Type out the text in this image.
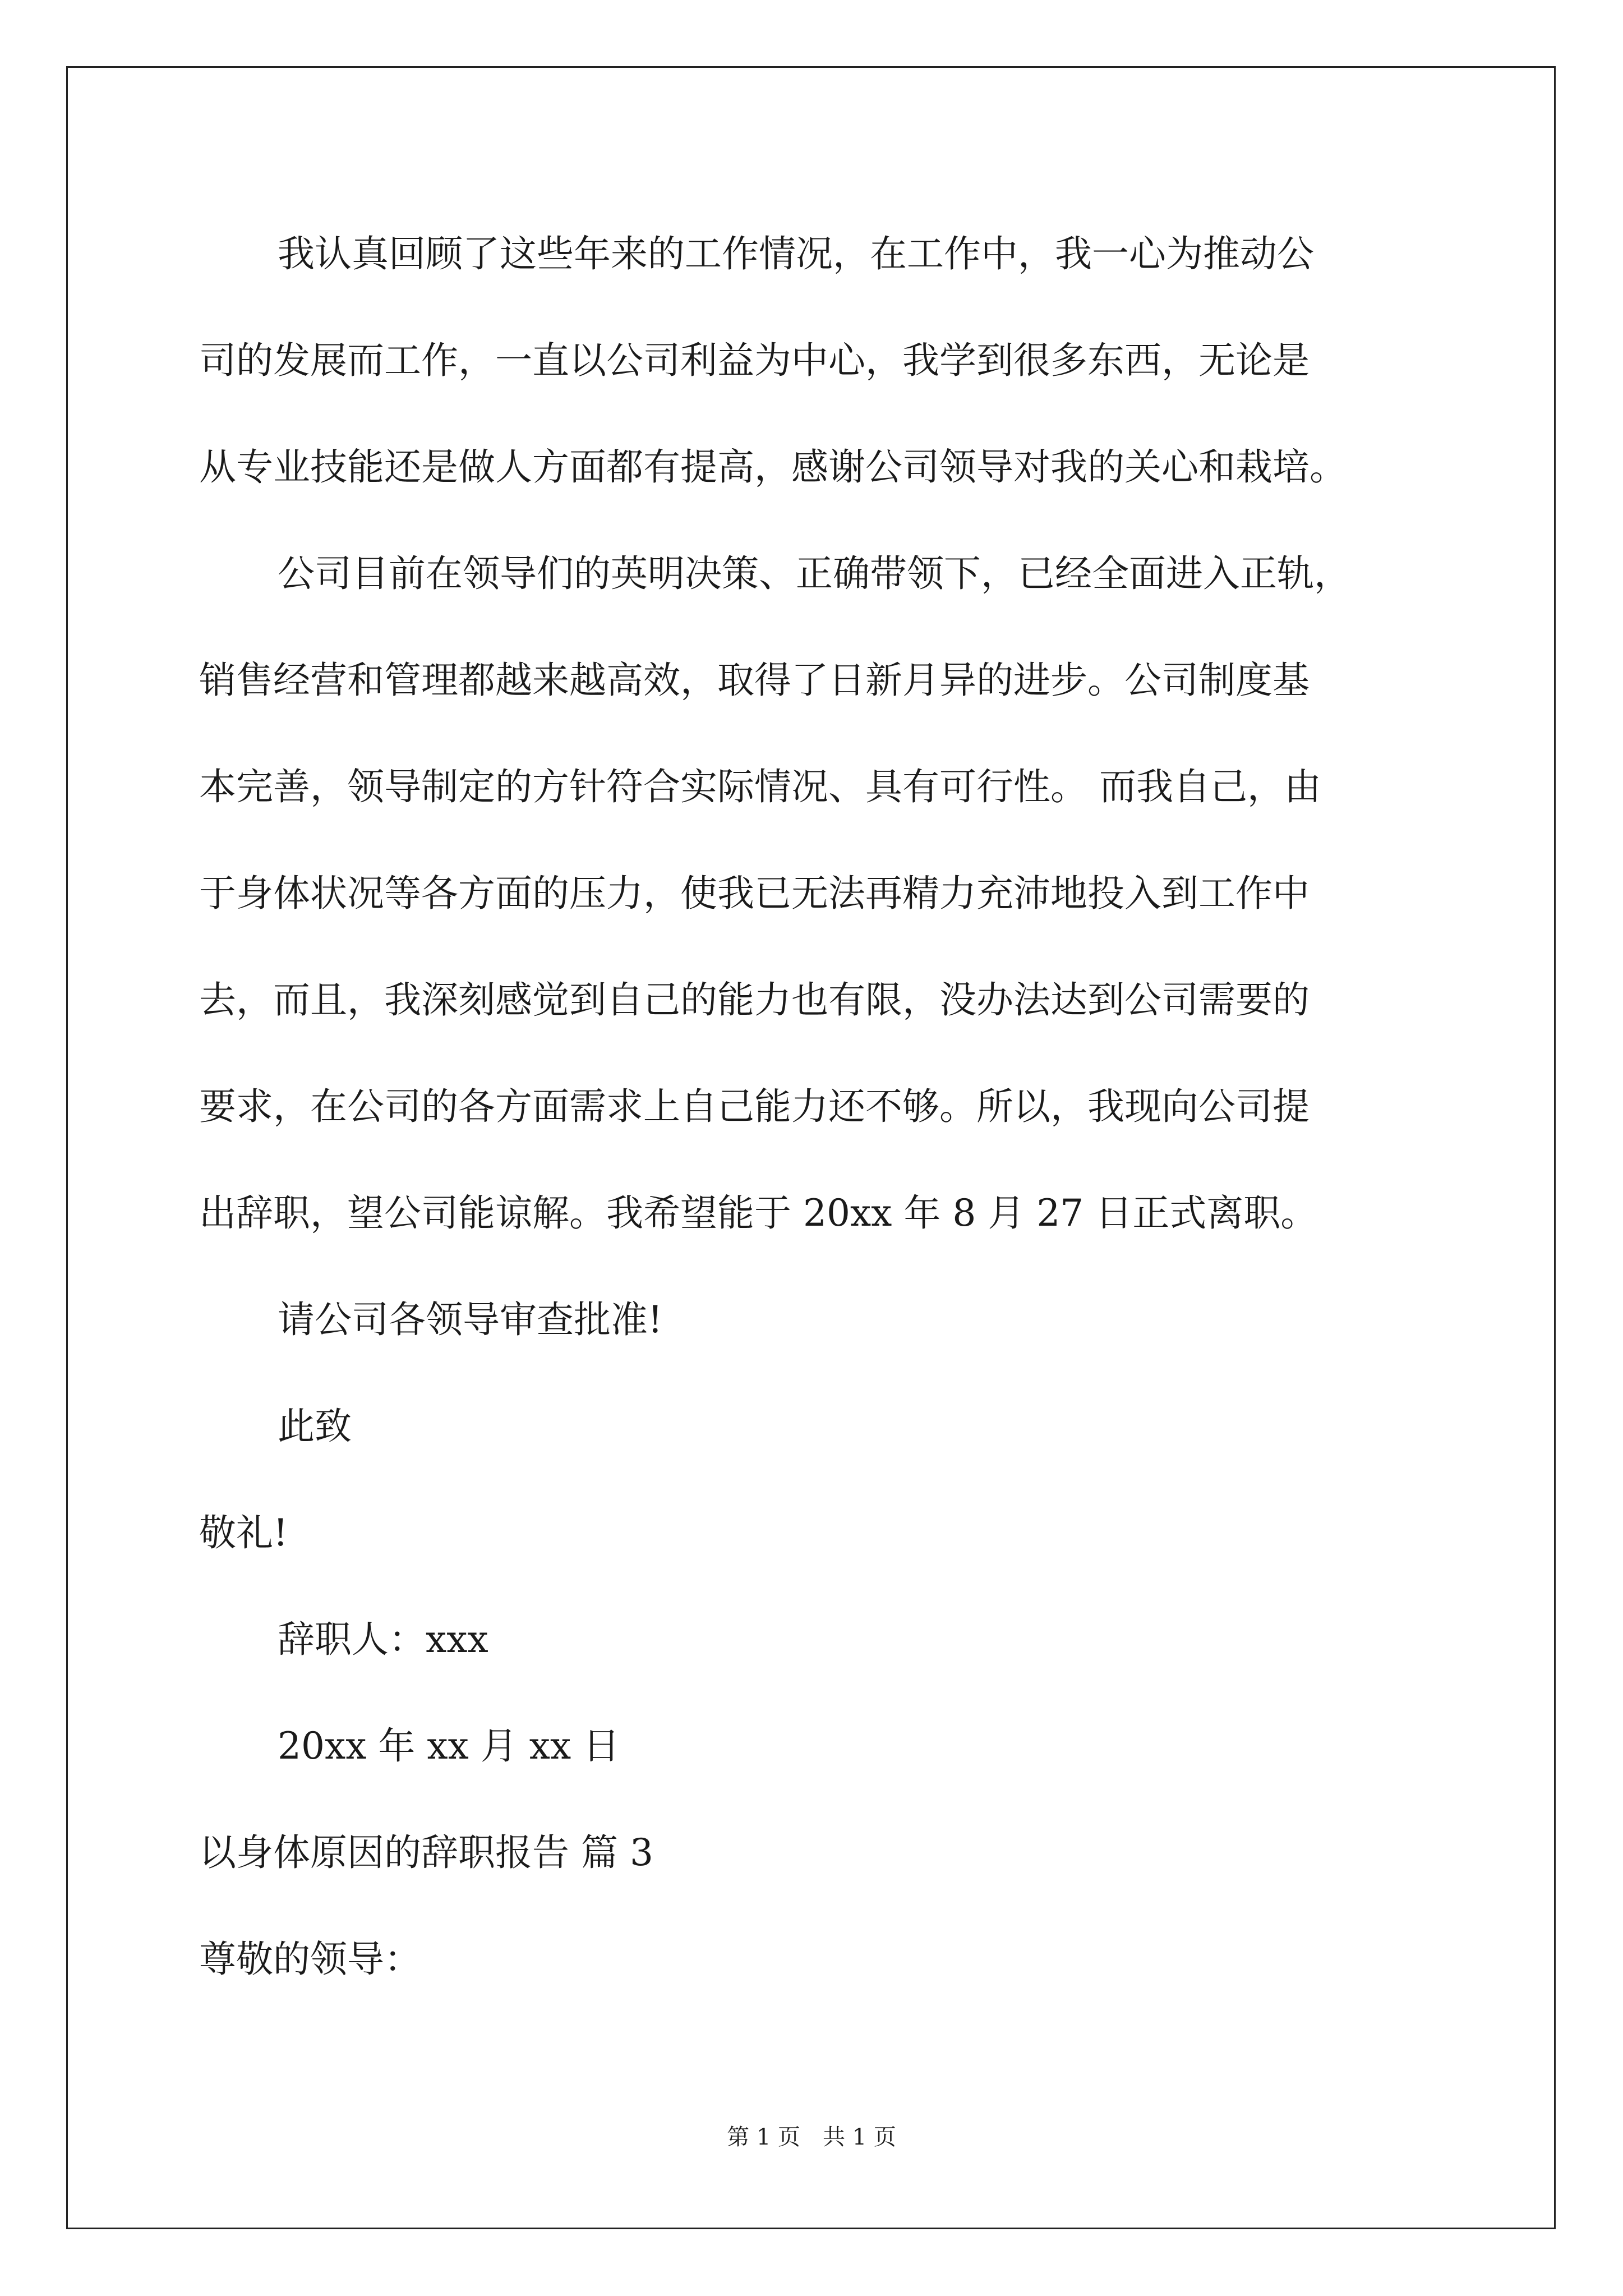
我认真回顾了这些年来的工作情况，在工作中，我一心为推动公
司的发展而工作，一直以公司利益为中心，我学到很多东西，无论是
从专业技能还是做人方面都有提高，感谢公司领导对我的关心和栽培。
公司目前在领导们的英明决策、正确带领下，已经全面进入正轨，
销售经营和管理都越来越高效，取得了日新月异的进步。公司制度基
本完善，领导制定的方针符合实际情况、具有可行性。 而我自己，由
于身体状况等各方面的压力，使我已无法再精力充沛地投入到工作中
去，而且，我深刻感觉到自己的能力也有限，没办法达到公司需要的
要求，在公司的各方面需求上自己能力还不够。所以，我现向公司提
出辞职，望公司能谅解。我希望能于 20xx 年 8 月 27 日正式离职。
请公司各领导审查批准!
此致
敬礼!
辞职人：xxx
20xx 年 xx 月 xx 日
以身体原因的辞职报告 篇 3
尊敬的领导：
第 1 页　共 1 页
